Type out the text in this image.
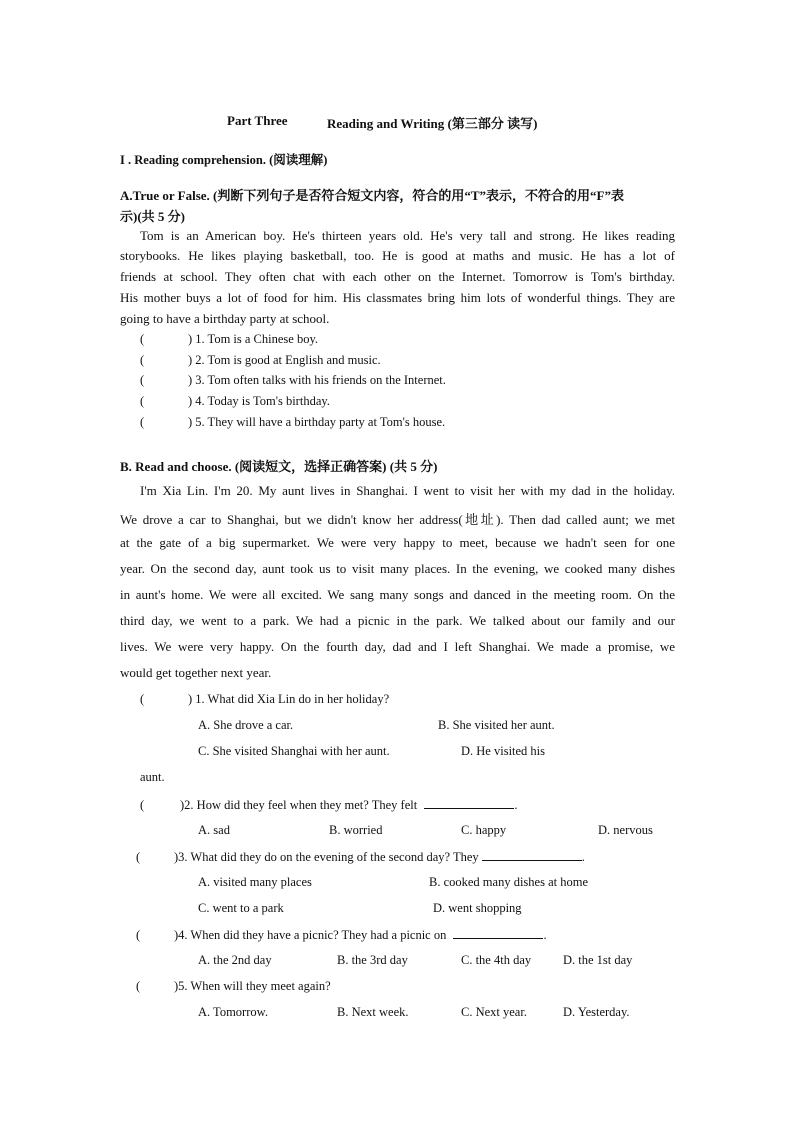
Part Three	Reading and Writing (第三部分 读写)
I . Reading comprehension. (阅读理解)
A.True or False. (判断下列句子是否符合短文内容，符合的用“T”表示，不符合的用“F”表
示)(共 5 分)
Tom is an American boy. He's thirteen years old. He's very tall and strong. He likes reading
storybooks. He likes playing basketball, too. He is good at maths and music. He has a lot of
friends at school. They often chat with each other on the Internet. Tomorrow is Tom's birthday.
His mother buys a lot of food for him. His classmates bring him lots of wonderful things. They are
going to have a birthday party at school.
(	) 1. Tom is a Chinese boy.
(	) 2. Tom is good at English and music.
(	) 3. Tom often talks with his friends on the Internet.
(	) 4. Today is Tom's birthday.
(	) 5. They will have a birthday party at Tom's house.
B. Read and choose. (阅读短文，选择正确答案) (共 5 分)
I'm Xia Lin. I'm 20. My aunt lives in Shanghai. I went to visit her with my dad in the holiday.
We drove a car to Shanghai, but we didn't know her address(地址). Then dad called aunt; we met
at the gate of a big supermarket. We were very happy to meet, because we hadn't seen for one
year. On the second day, aunt took us to visit many places. In the evening, we cooked many dishes
in aunt's home. We were all excited. We sang many songs and danced in the meeting room. On the
third day, we went to a park. We had a picnic in the park. We talked about our family and our
lives. We were very happy. On the fourth day, dad and I left Shanghai. We made a promise, we
would get together next year.
(	) 1. What did Xia Lin do in her holiday?
A. She drove a car.	B. She visited her aunt.
C. She visited Shanghai with her aunt.	D. He visited his
aunt.
(	)2. How did they feel when they met? They felt	.
A. sad	B. worried	C. happy	D. nervous
(	)3. What did they do on the evening of the second day? They	.
A. visited many places	B. cooked many dishes at home
C. went to a park	D. went shopping
(	)4. When did they have a picnic? They had a picnic on	.
A. the 2nd day	B. the 3rd day	C. the 4th day	D. the 1st day
(	)5. When will they meet again?
A. Tomorrow.	B. Next week.	C. Next year.	D. Yesterday.
